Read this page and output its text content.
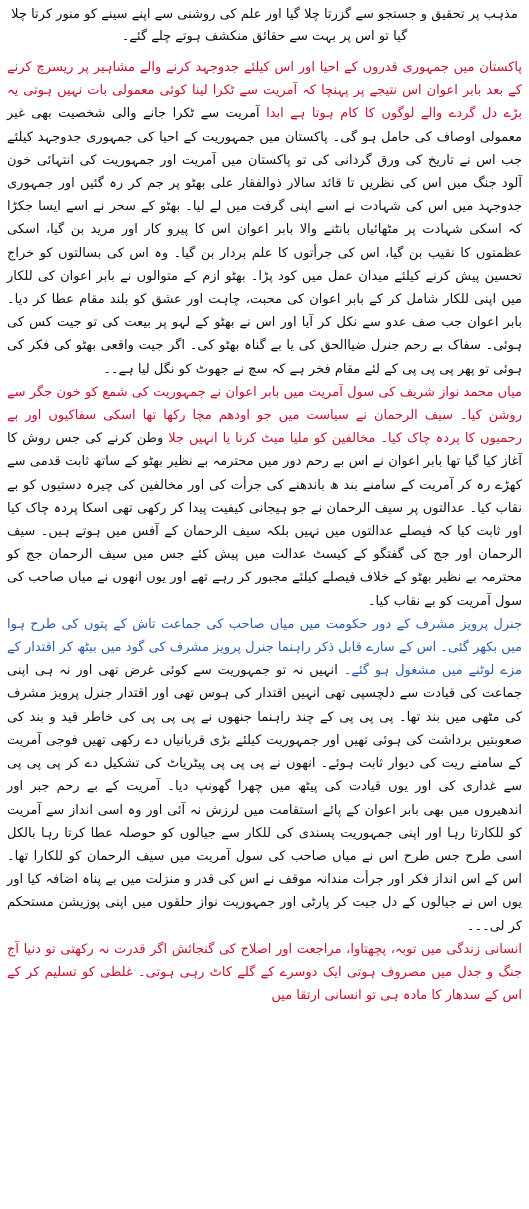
مذہب پر تحقیق و جستجو سے گزرتا چلا گیا اور علم کی روشنی سے اپنے سینے کو منور کرتا چلا گیا تو اس پر بہت سے حقائق منکشف ہوتے چلے گئے۔

پاکستان میں جمہوری قدروں کے احیا اور اس کیلئے جدوجہد کرنے والے مشاہیر پر ریسرچ کرنے کے بعد بابر اعوان اس نتیجے پر پہنچا کہ آمریت سے ٹکرا لینا کوئی معمولی بات نہیں ہوتی یہ بڑے دل گردے والے لوگوں کا کام ہوتا ہے ابدا آمریت سے ٹکرا جانے والی شخصیت بھی غیر معمولی اوصاف کی حامل ہو گی۔ پاکستان میں جمہوریت کے احیا کی جمہوری جدوجہد کیلئے جب اس نے تاریخ کی ورق گردانی کی تو پاکستان میں آمریت اور جمہوریت کی انتہائی خون آلود جنگ میں اس کی نظریں تا قائد سالار ذوالفقار علی بھٹو پر جم کر رہ گئیں اور جمہوری جدوجہد میں اس کی شہادت نے اسے اپنی گرفت میں لے لیا۔ بھٹو کے سحر نے اسے ایسا جکڑا کہ اسکی شہادت پر مٹھائیاں بانٹنے والا بابر اعوان اس کا پیرو کار اور مرید بن گیا، اسکی عظمتوں کا نقیب بن گیا، اس کی جرأتوں کا علم بردار بن گیا۔ وہ اس کی بسالتوں کو خراج تحسین پیش کرنے کیلئے میدان عمل میں کود پڑا۔ بھٹو ازم کے متوالوں نے بابر اعوان کی للکار میں اپنی للکار شامل کر کے بابر اعوان کی محبت، چاہت اور عشق کو بلند مقام عطا کر دیا۔ بابر اعوان جب صف عدو سے نکل کر آیا اور اس نے بھٹو کے لہو پر بیعت کی تو جیت کس کی ہوئی۔ سفاک بے رحم جنرل ضیاالحق کی یا بے گناہ بھٹو کی۔ اگر جیت واقعی بھٹو کی فکر کی ہوئی تو پھر پی پی پی کے لئے مقام فخر ہے کہ سچ نے جھوٹ کو نگل لیا ہے۔۔

میاں محمد نواز شریف کی سول آمریت میں بابر اعوان نے جمہوریت کی شمع کو خون جگر سے روشن کیا۔ سیف الرحمان نے سیاست میں جو اودھم مچا رکھا تھا اسکی سفاکیوں اور بے رحمیوں کا پردہ چاک کیا۔ مخالفین کو ملیا میٹ کرنا یا انہیں جلا وطن کرنے کی جس روش کا آغاز کیا گیا تھا بابر اعوان نے اس بے رحم دور میں محترمہ بے نظیر بھٹو کے ساتھ ثابت قدمی سے کھڑے رہ کر آمریت کے سامنے بند ھ باندھنے کی جرأت کی اور مخالفین کی چیرہ دستیوں کو بے نقاب کیا۔ عدالتوں پر سیف الرحمان نے جو ہیجانی کیفیت پیدا کر رکھی تھی اسکا پردہ چاک کیا اور ثابت کیا کہ فیصلے عدالتوں میں نہیں بلکہ سیف الرحمان کے آفس میں ہوتے ہیں۔ سیف الرحمان اور جج کی گفتگو کے کیسٹ عدالت میں پیش کئے جس میں سیف الرحمان جج کو محترمہ بے نظیر بھٹو کے خلاف فیصلے کیلئے مجبور کر رہے تھے اور یوں انھوں نے میاں صاحب کی سول آمریت کو بے نقاب کیا۔

جنرل پرویز مشرف کے دور حکومت میں میاں صاحب کی جماعت تاش کے پتوں کی طرح ہوا میں بکھر گئی۔ اس کے سارے قابل ذکر راہنما جنرل پرویز مشرف کی گود میں بیٹھ کر اقتدار کے مزے لوٹنے میں مشغول ہو گئے۔ انہیں نہ تو جمہوریت سے کوئی غرض تھی اور نہ ہی اپنی جماعت کی قیادت سے دلچسپی تھی انہیں اقتدار کی ہوس تھی اور اقتدار جنرل پرویز مشرف کی مٹھی میں بند تھا۔ پی پی پی کے چند راہنما جنھوں نے پی پی پی کی خاطر قید و بند کی صعوبتیں برداشت کی ہوئی تھیں اور جمہوریت کیلئے بڑی قربانیاں دے رکھی تھیں فوجی آمریت کے سامنے ریت کی دیوار ثابت ہوئے۔ انھوں نے پی پی پی پیٹریاٹ کی تشکیل دے کر پی پی پی سے غداری کی اور یوں قیادت کی پیٹھ میں چھرا گھونپ دیا۔ آمریت کے بے رحم جبر اور اندھیروں میں بھی بابر اعوان کے پائے استقامت میں لرزش نہ آئی اور وہ اسی انداز سے آمریت کو للکارتا رہا اور اپنی جمہوریت پسندی کی للکار سے جیالوں کو حوصلہ عطا کرتا رہا بالکل اسی طرح جس طرح اس نے میاں صاحب کی سول آمریت میں سیف الرحمان کو للکارا تھا۔ اس کے اس انداز فکر اور جرأت مندانہ موقف نے اس کی قدر و منزلت میں بے پناہ اضافہ کیا اور یوں اس نے جیالوں کے دل جیت کر پارٹی اور جمہوریت نواز حلقوں میں اپنی پوزیشن مستحکم کر لی۔۔۔

انسانی زندگی میں توبہ، پچھتاوا، مراجعت اور اصلاح کی گنجائش اگر قدرت نہ رکھتی تو دنیا آج جنگ و جدل میں مصروف ہوتی ایک دوسرے کے گلے کاٹ رہی ہوتی۔ غلطی کو تسلیم کر کے اس کے سدھار کا مادہ ہی تو انسانی ارتقا میں
